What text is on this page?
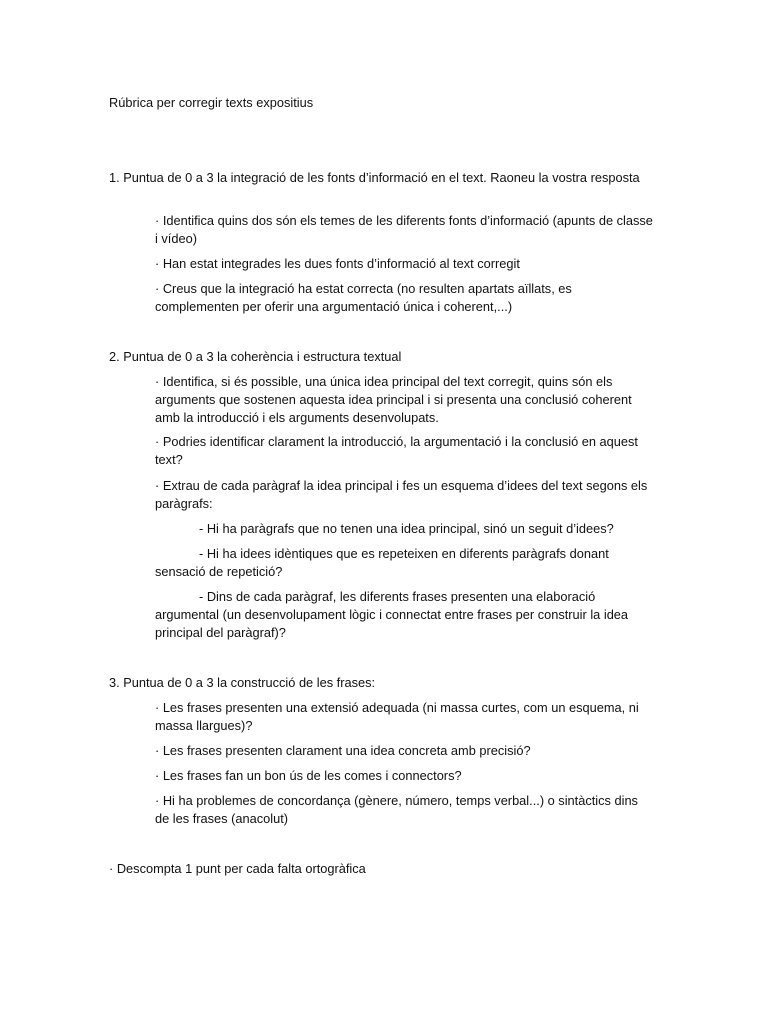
Rúbrica per corregir texts expositius

1. Puntua de 0 a 3 la integració de les fonts d’informació en el text. Raoneu la vostra resposta

· Identifica quins dos són els temes de les diferents fonts d’informació (apunts de classe i vídeo)

· Han estat integrades les dues fonts d’informació al text corregit

· Creus que la integració ha estat correcta (no resulten apartats aïllats, es complementen per oferir una argumentació única i coherent,...)

2. Puntua de 0 a 3 la coherència i estructura textual

· Identifica, si és possible, una única idea principal del text corregit, quins són els arguments que sostenen aquesta idea principal i si presenta una conclusió coherent amb la introducció i els arguments desenvolupats.

· Podries identificar clarament la introducció, la argumentació i la conclusió en aquest text?

· Extrau de cada paràgraf la idea principal i fes un esquema d’idees del text segons els paràgrafs:

- Hi ha paràgrafs que no tenen una idea principal, sinó un seguit d’idees?

- Hi ha idees idèntiques que es repeteixen en diferents paràgrafs donant sensació de repetició?

- Dins de cada paràgraf, les diferents frases presenten una elaboració argumental (un desenvolupament lògic i connectat entre frases per construir la idea principal del paràgraf)?

3. Puntua de 0 a 3 la construcció de les frases:

· Les frases presenten una extensió adequada (ni massa curtes, com un esquema, ni massa llargues)?

· Les frases presenten clarament una idea concreta amb precisió?

· Les frases fan un bon ús de les comes i connectors?

· Hi ha problemes de concordança (gènere, número, temps verbal...) o sintàctics dins de les frases (anacolut)

· Descompta 1 punt per cada falta ortogràfica
